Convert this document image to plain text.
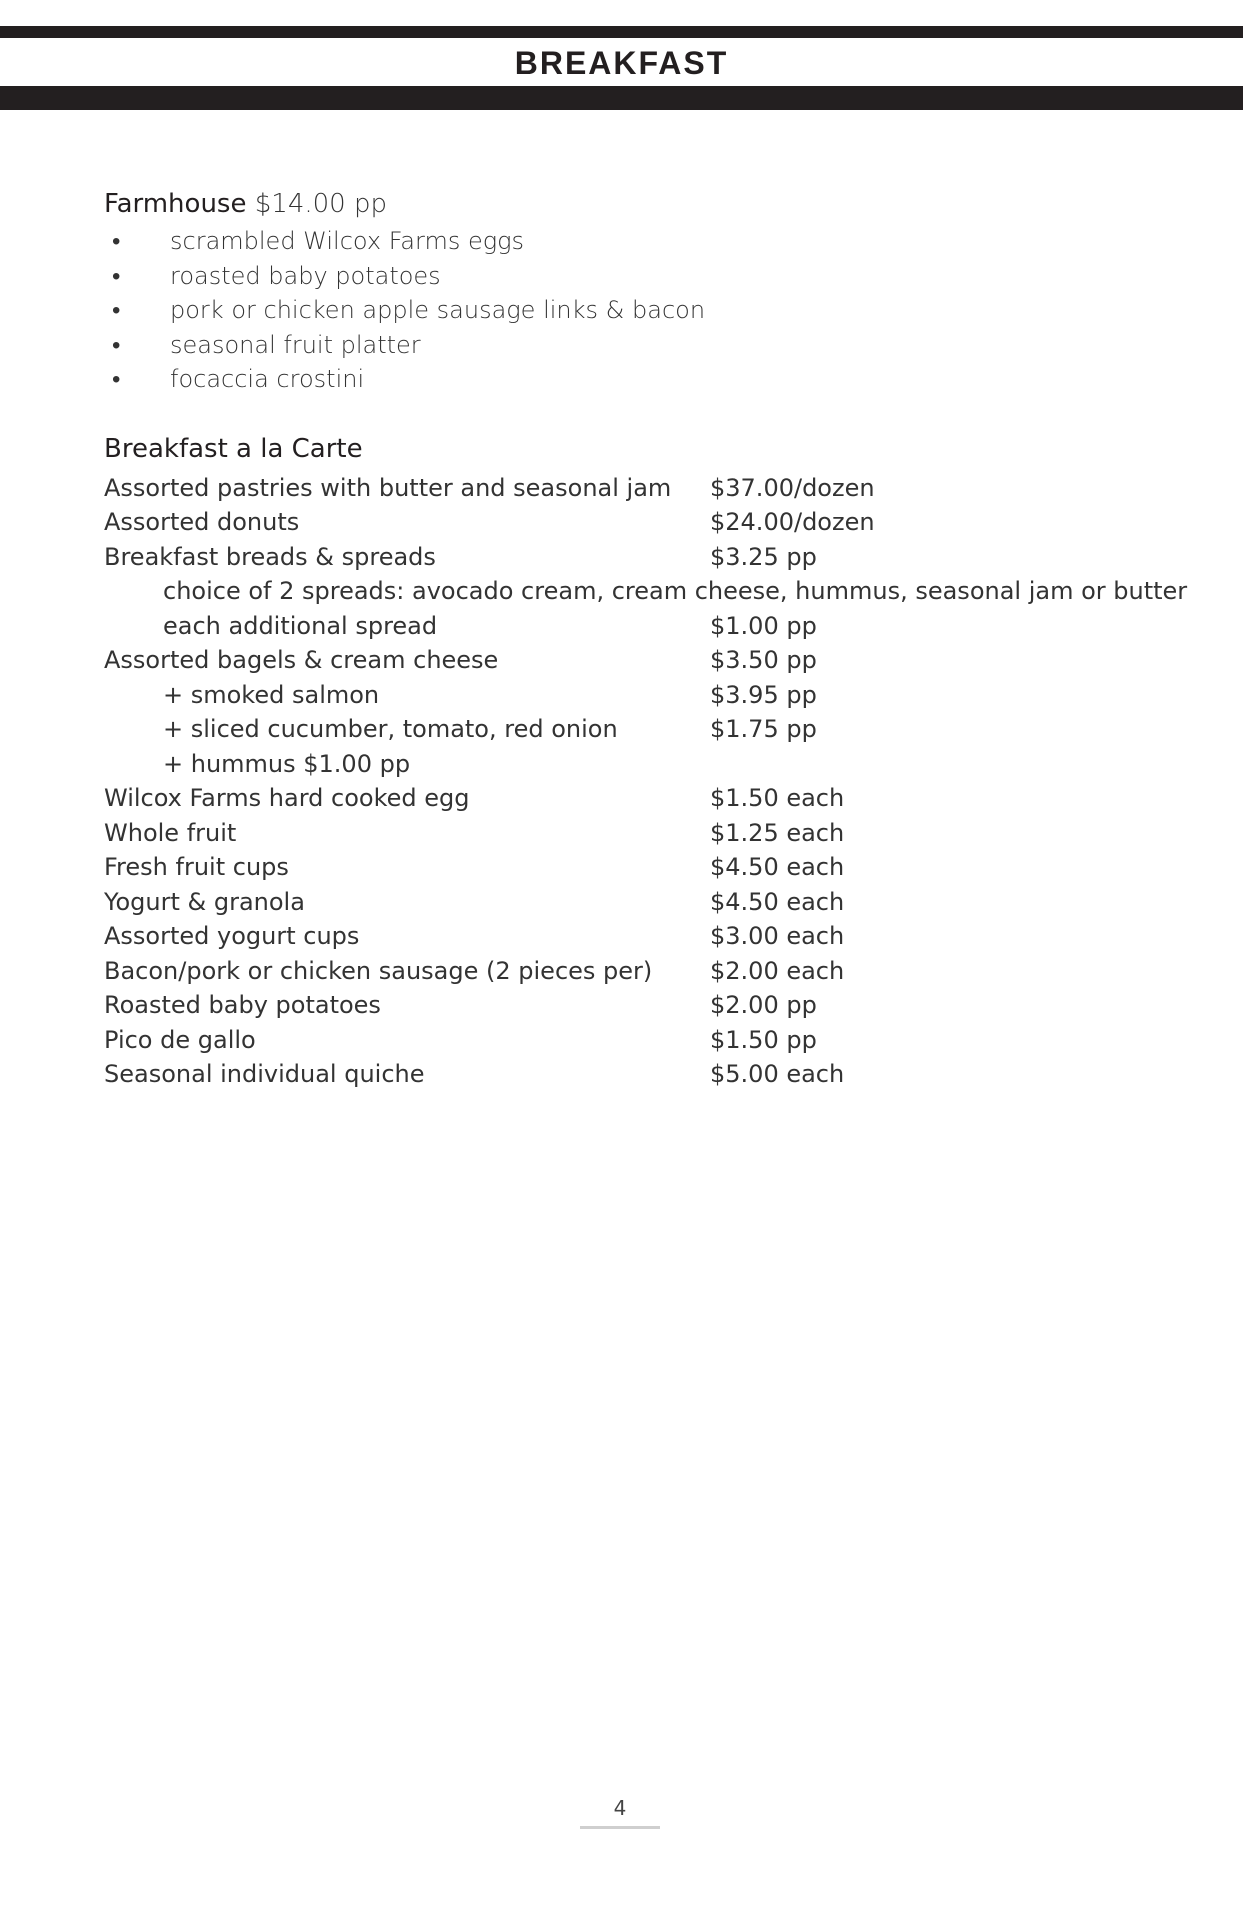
BREAKFAST
Farmhouse $14.00 pp
• scrambled Wilcox Farms eggs
• roasted baby potatoes
• pork or chicken apple sausage links & bacon
• seasonal fruit platter
• focaccia crostini
Breakfast a la Carte
Assorted pastries with butter and seasonal jam $37.00/dozen
Assorted donuts	$24.00/dozen
Breakfast breads & spreads	$3.25 pp
choice of 2 spreads: avocado cream, cream cheese, hummus, seasonal jam or butter
each additional spread	$1.00 pp
Assorted bagels & cream cheese	$3.50 pp
+ smoked salmon	$3.95 pp
+ sliced cucumber, tomato, red onion	$1.75 pp
+ hummus $1.00 pp
Wilcox Farms hard cooked egg	$1.50 each
Whole fruit	$1.25 each
Fresh fruit cups	$4.50 each
Yogurt & granola	$4.50 each
Assorted yogurt cups	$3.00 each
Bacon/pork or chicken sausage (2 pieces per) $2.00 each
Roasted baby potatoes	$2.00 pp
Pico de gallo	$1.50 pp
Seasonal individual quiche	$5.00 each
4
